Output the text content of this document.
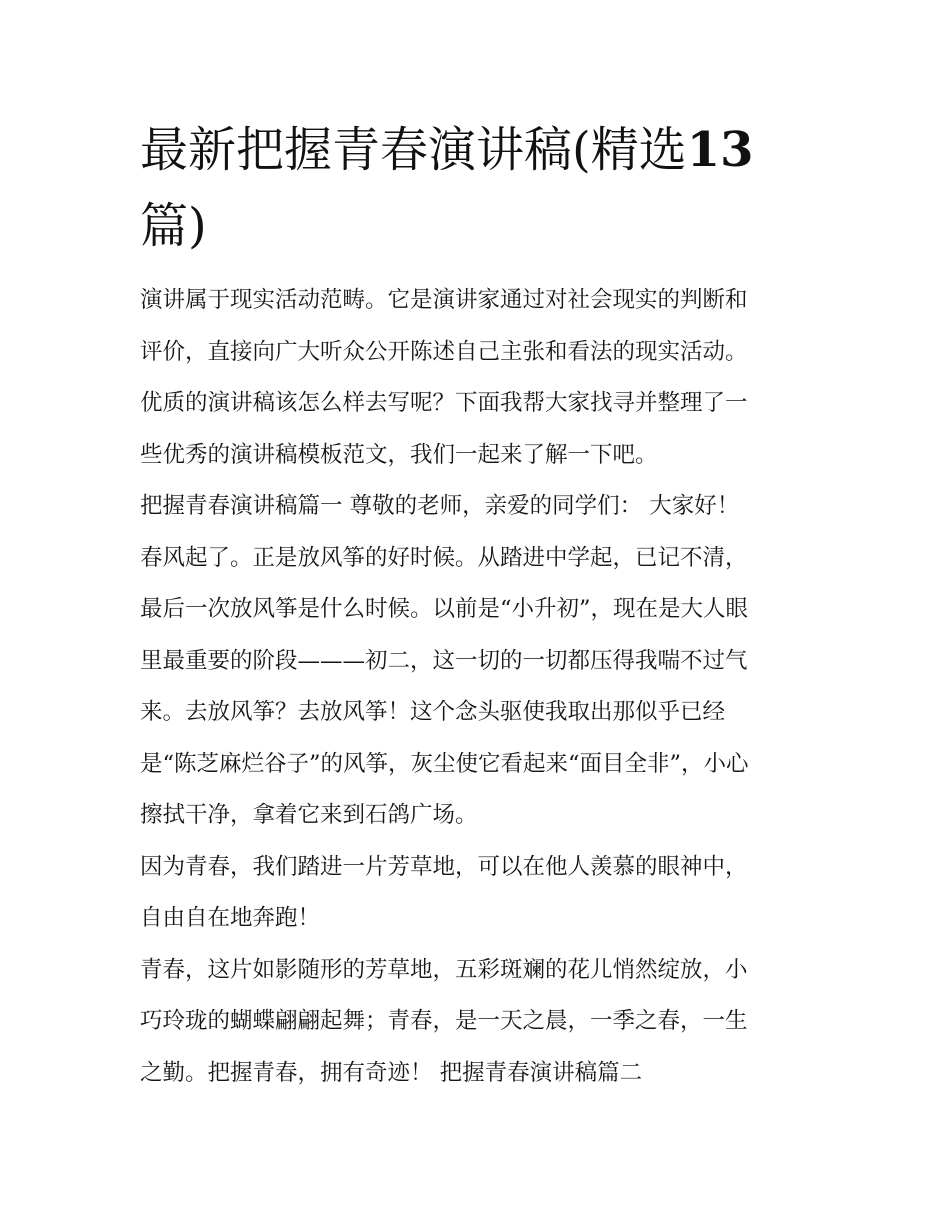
最新把握青春演讲稿(精选13
篇)
演讲属于现实活动范畴。它是演讲家通过对社会现实的判断和
评价，直接向广大听众公开陈述自己主张和看法的现实活动。
优质的演讲稿该怎么样去写呢？下面我帮大家找寻并整理了一
些优秀的演讲稿模板范文，我们一起来了解一下吧。
把握青春演讲稿篇一 尊敬的老师，亲爱的同学们： 大家好！
春风起了。正是放风筝的好时候。从踏进中学起，已记不清，
最后一次放风筝是什么时候。以前是“小升初”，现在是大人眼
里最重要的阶段———初二，这一切的一切都压得我喘不过气
来。去放风筝？去放风筝！这个念头驱使我取出那似乎已经
是“陈芝麻烂谷子”的风筝，灰尘使它看起来“面目全非”，小心
擦拭干净，拿着它来到石鸽广场。
因为青春，我们踏进一片芳草地，可以在他人羡慕的眼神中，
自由自在地奔跑！
青春，这片如影随形的芳草地，五彩斑斓的花儿悄然绽放，小
巧玲珑的蝴蝶翩翩起舞；青春，是一天之晨，一季之春，一生
之勤。把握青春，拥有奇迹！ 把握青春演讲稿篇二
